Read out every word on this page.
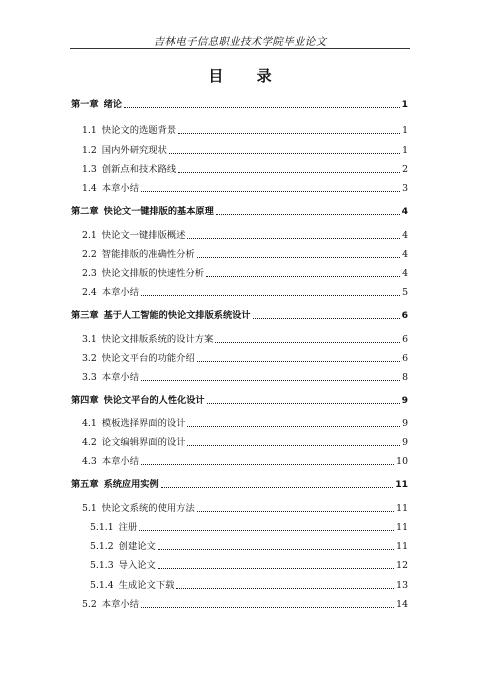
吉林电子信息职业技术学院毕业论文
目 录
第一章 绪论	1
1.1 快论文的选题背景	1
1.2 国内外研究现状	1
1.3 创新点和技术路线	2
1.4 本章小结	3
第二章 快论文一键排版的基本原理	4
2.1 快论文一键排版概述	4
2.2 智能排版的准确性分析	4
2.3 快论文排版的快速性分析	4
2.4 本章小结	5
第三章 基于人工智能的快论文排版系统设计	6
3.1 快论文排版系统的设计方案	6
3.2 快论文平台的功能介绍	6
3.3 本章小结	8
第四章 快论文平台的人性化设计	9
4.1 模板选择界面的设计	9
4.2 论文编辑界面的设计	9
4.3 本章小结	10
第五章 系统应用实例	11
5.1 快论文系统的使用方法	11
5.1.1 注册	11
5.1.2 创建论文	11
5.1.3 导入论文	12
5.1.4 生成论文下载	13
5.2 本章小结	14
